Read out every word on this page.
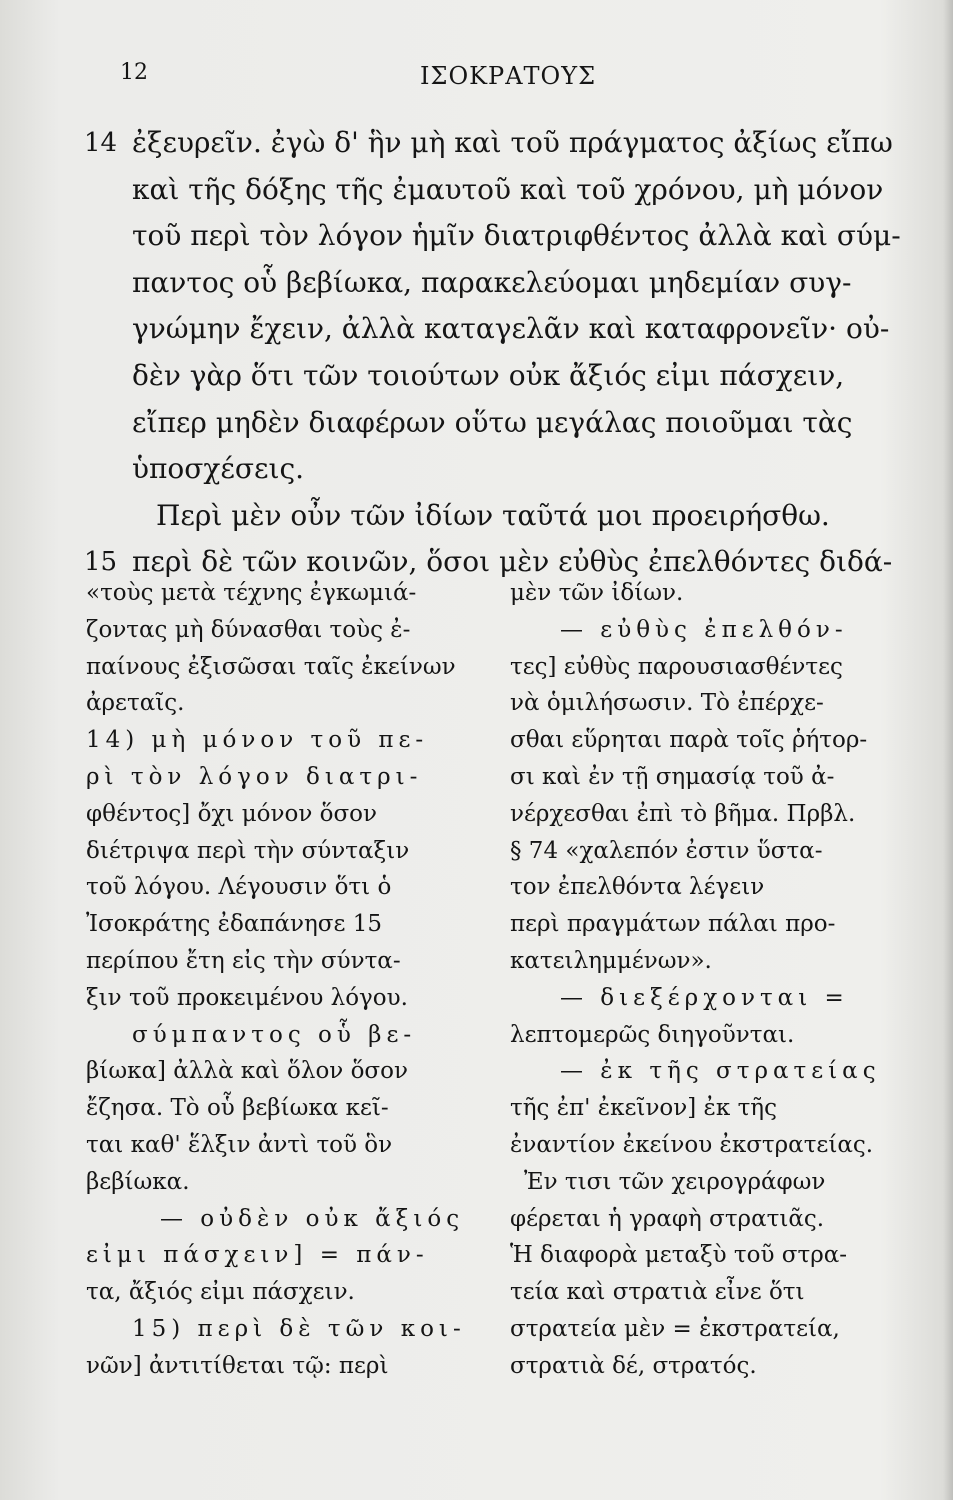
12	ΙΣΟΚΡΑΤΟΥΣ
14 ἐξευρεῖν. ἐγὼ δ' ἣν μὴ καὶ τοῦ πράγματος ἀξίως εἴπω
καὶ τῆς δόξης τῆς ἐμαυτοῦ καὶ τοῦ χρόνου, μὴ μόνον
τοῦ περὶ τὸν λόγον ἡμῖν διατριφθέντος ἀλλὰ καὶ σύμ-
παντος οὗ βεβίωκα, παρακελεύομαι μηδεμίαν συγ-
γνώμην ἔχειν, ἀλλὰ καταγελᾶν καὶ καταφρονεῖν· οὐ-
δὲν γὰρ ὅτι τῶν τοιούτων οὐκ ἄξιός εἰμι πάσχειν,
εἴπερ μηδὲν διαφέρων οὕτω μεγάλας ποιοῦμαι τὰς
ὑποσχέσεις.
Περὶ μὲν οὖν τῶν ἰδίων ταῦτά μοι προειρήσθω.
15 περὶ δὲ τῶν κοινῶν, ὅσοι μὲν εὐθὺς ἐπελθόντες διδά-
«τοὺς μετὰ τέχνης ἐγκωμιά-
ζοντας μὴ δύνασθαι τοὺς ἐ-
παίνους ἐξισῶσαι ταῖς ἐκείνων
ἀρεταῖς.
14) μὴ μόνον τοῦ πε-
ρὶ τὸν λόγον διατρι-
φθέντος] ὄχι μόνον ὅσον
διέτριψα περὶ τὴν σύνταξιν
τοῦ λόγου. Λέγουσιν ὅτι ὁ
Ἰσοκράτης ἐδαπάνησε 15
περίπου ἔτη εἰς τὴν σύντα-
ξιν τοῦ προκειμένου λόγου.
σύμπαντος οὗ βε-
βίωκα] ἀλλὰ καὶ ὅλον ὅσον
ἔζησα. Τὸ οὗ βεβίωκα κεῖ-
ται καθ' ἕλξιν ἀντὶ τοῦ ὃν
βεβίωκα.
— οὐδὲν οὐκ ἄξιός
εἰμι πάσχειν] = πάν-
τα, ἄξιός εἰμι πάσχειν.
15) περὶ δὲ τῶν κοι-
νῶν] ἀντιτίθεται τῷ: περὶ
μὲν τῶν ἰδίων.
— εὐθὺς ἐπελθόν-
τες] εὐθὺς παρουσιασθέντες
νὰ ὁμιλήσωσιν. Τὸ ἐπέρχε-
σθαι εὕρηται παρὰ τοῖς ῥήτορ-
σι καὶ ἐν τῇ σημασίᾳ τοῦ ἀ-
νέρχεσθαι ἐπὶ τὸ βῆμα. Πρβλ.
§ 74 «χαλεπόν ἐστιν ὕστα-
τον ἐπελθόντα λέγειν
περὶ πραγμάτων πάλαι προ-
κατειλημμένων».
— διεξέρχονται =
λεπτομερῶς διηγοῦνται.
— ἐκ τῆς στρατείας
τῆς ἐπ' ἐκεῖνον] ἐκ τῆς
ἐναντίον ἐκείνου ἐκστρατείας.
Ἐν τισι τῶν χειρογράφων
φέρεται ἡ γραφὴ στρατιᾶς.
Ἡ διαφορὰ μεταξὺ τοῦ στρα-
τεία καὶ στρατιὰ εἶνε ὅτι
στρατεία μὲν = ἐκστρατεία,
στρατιὰ δέ, στρατός.
